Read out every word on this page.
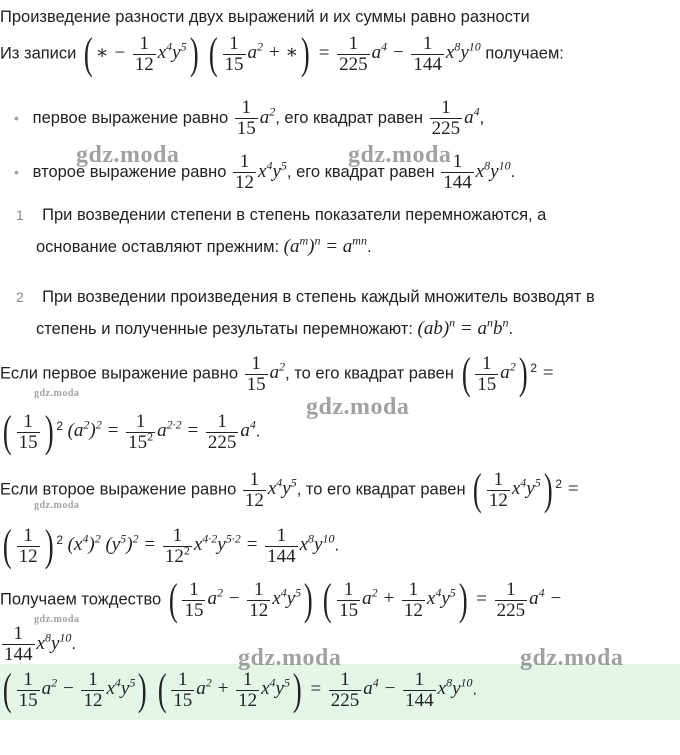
Произведение разности двух выражений и их суммы равно разности
Из записи ( ∗ − $\frac{1}{12} x^4y^5$) ( $\frac{1}{15} a^2$ + ∗) = $\frac{1}{225} a^4 - \frac{1}{144} x^8y^{10}$ получаем:
• первое выражение равно $\frac{1}{15} a^2$, его квадрат равен $\frac{1}{225} a^4$,
• второе выражение равно $\frac{1}{12} x^4y^5$, его квадрат равен $\frac{1}{144} x^8y^{10}$.
1 При возведении степени в степень показатели перемножаются, а
основание оставляют прежним: $(a^m)^n = a^{mn}$.
2 При возведении произведения в степень каждый множитель возводят в
степень и полученные результаты перемножают: $(ab)^n = a^nb^n$.
Если первое выражение равно $\frac{1}{15} a^2$, то его квадрат равен ( $\frac{1}{15} a^2$) $^2$ =
( $\frac{1}{15}$ ) $^2$ $(a^2)^2 = \frac{1}{15^2} a^{2\cdot 2} = \frac{1}{225} a^4$.
Если второе выражение равно $\frac{1}{12} x^4y^5$, то его квадрат равен ( $\frac{1}{12} x^4y^5$) $^2$ =
( $\frac{1}{12}$ ) $^2$ $(x^4)^2$ $(y^5)^2 = \frac{1}{12^2} x^{4\cdot 2}y^{5\cdot 2} = \frac{1}{144} x^8y^{10}$.
Получаем тождество ( $\frac{1}{15} a^2 - \frac{1}{12} x^4y^5$) ( $\frac{1}{15} a^2 + \frac{1}{12} x^4y^5) = \frac{1}{225} a^4$ −
$\frac{1}{144} x^8y^{10}$.
( $\frac{1}{15} a^2 - \frac{1}{12} x^4y^5$) ( $\frac{1}{15} a^2 + \frac{1}{12} x^4y^5) = \frac{1}{225} a^4 - \frac{1}{144} x^8y^{10}$.
gdz.moda	gdz.moda
gdz.moda
gdz.moda
gdz.moda
gdz.moda
gdz.moda	gdz.moda
